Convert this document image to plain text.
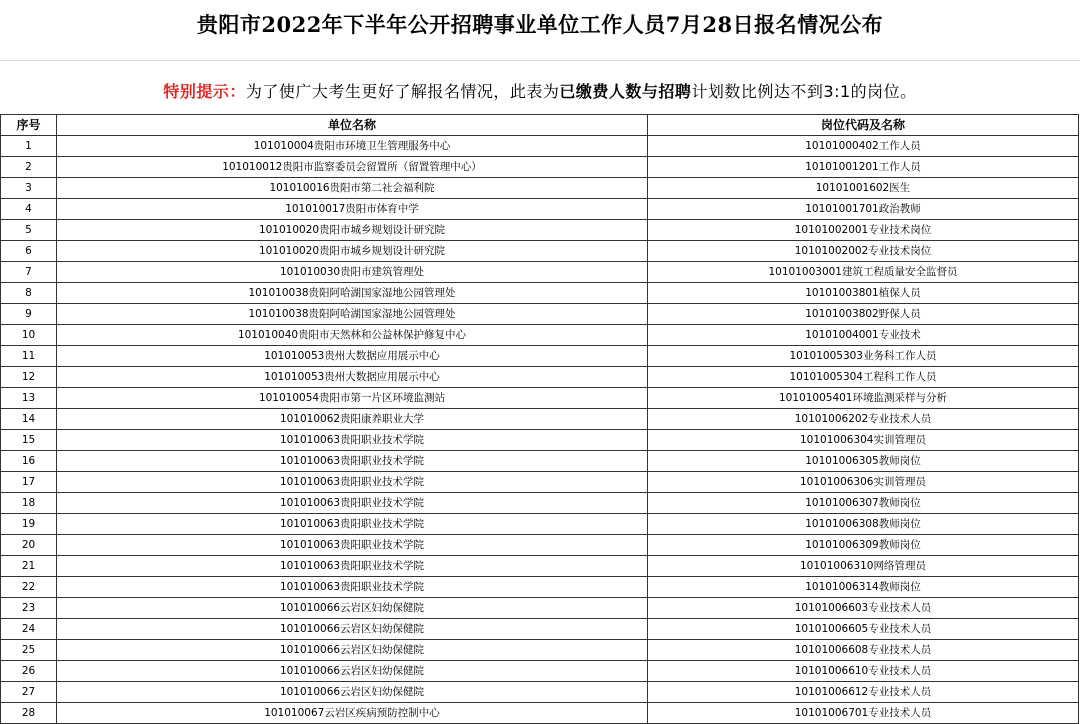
贵阳市2022年下半年公开招聘事业单位工作人员7月28日报名情况公布
特别提示：为了使广大考生更好了解报名情况，此表为已缴费人数与招聘计划数比例达不到3:1的岗位。
序号	单位名称	岗位代码及名称
1	101010004贵阳市环境卫生管理服务中心	10101000402工作人员
2	101010012贵阳市监察委员会留置所（留置管理中心）	10101001201工作人员
3	101010016贵阳市第二社会福利院	10101001602医生
4	101010017贵阳市体育中学	10101001701政治教师
5	101010020贵阳市城乡规划设计研究院	10101002001专业技术岗位
6	101010020贵阳市城乡规划设计研究院	10101002002专业技术岗位
7	101010030贵阳市建筑管理处	10101003001建筑工程质量安全监督员
8	101010038贵阳阿哈湖国家湿地公园管理处	10101003801植保人员
9	101010038贵阳阿哈湖国家湿地公园管理处	10101003802野保人员
10	101010040贵阳市天然林和公益林保护修复中心	10101004001专业技术
11	101010053贵州大数据应用展示中心	10101005303业务科工作人员
12	101010053贵州大数据应用展示中心	10101005304工程科工作人员
13	101010054贵阳市第一片区环境监测站	10101005401环境监测采样与分析
14	101010062贵阳康养职业大学	10101006202专业技术人员
15	101010063贵阳职业技术学院	10101006304实训管理员
16	101010063贵阳职业技术学院	10101006305教师岗位
17	101010063贵阳职业技术学院	10101006306实训管理员
18	101010063贵阳职业技术学院	10101006307教师岗位
19	101010063贵阳职业技术学院	10101006308教师岗位
20	101010063贵阳职业技术学院	10101006309教师岗位
21	101010063贵阳职业技术学院	10101006310网络管理员
22	101010063贵阳职业技术学院	10101006314教师岗位
23	101010066云岩区妇幼保健院	10101006603专业技术人员
24	101010066云岩区妇幼保健院	10101006605专业技术人员
25	101010066云岩区妇幼保健院	10101006608专业技术人员
26	101010066云岩区妇幼保健院	10101006610专业技术人员
27	101010066云岩区妇幼保健院	10101006612专业技术人员
28	101010067云岩区疾病预防控制中心	10101006701专业技术人员
